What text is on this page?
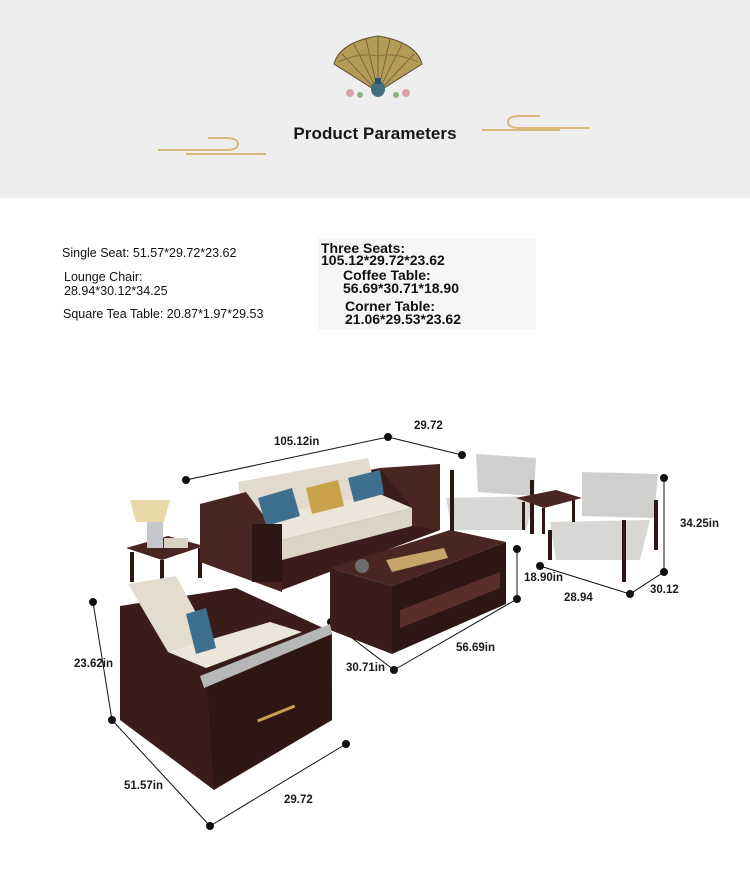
Product Parameters
Single Seat: 51.57*29.72*23.62
Lounge Chair:
28.94*30.12*34.25
Square Tea Table: 20.87*1.97*29.53
Three Seats:
105.12*29.72*23.62
Coffee Table:
56.69*30.71*18.90
Corner Table:
21.06*29.53*23.62
105.12in
29.72
34.25in
18.90in
28.94
30.12
23.62in	30.71in
56.69in
51.57in
29.72
